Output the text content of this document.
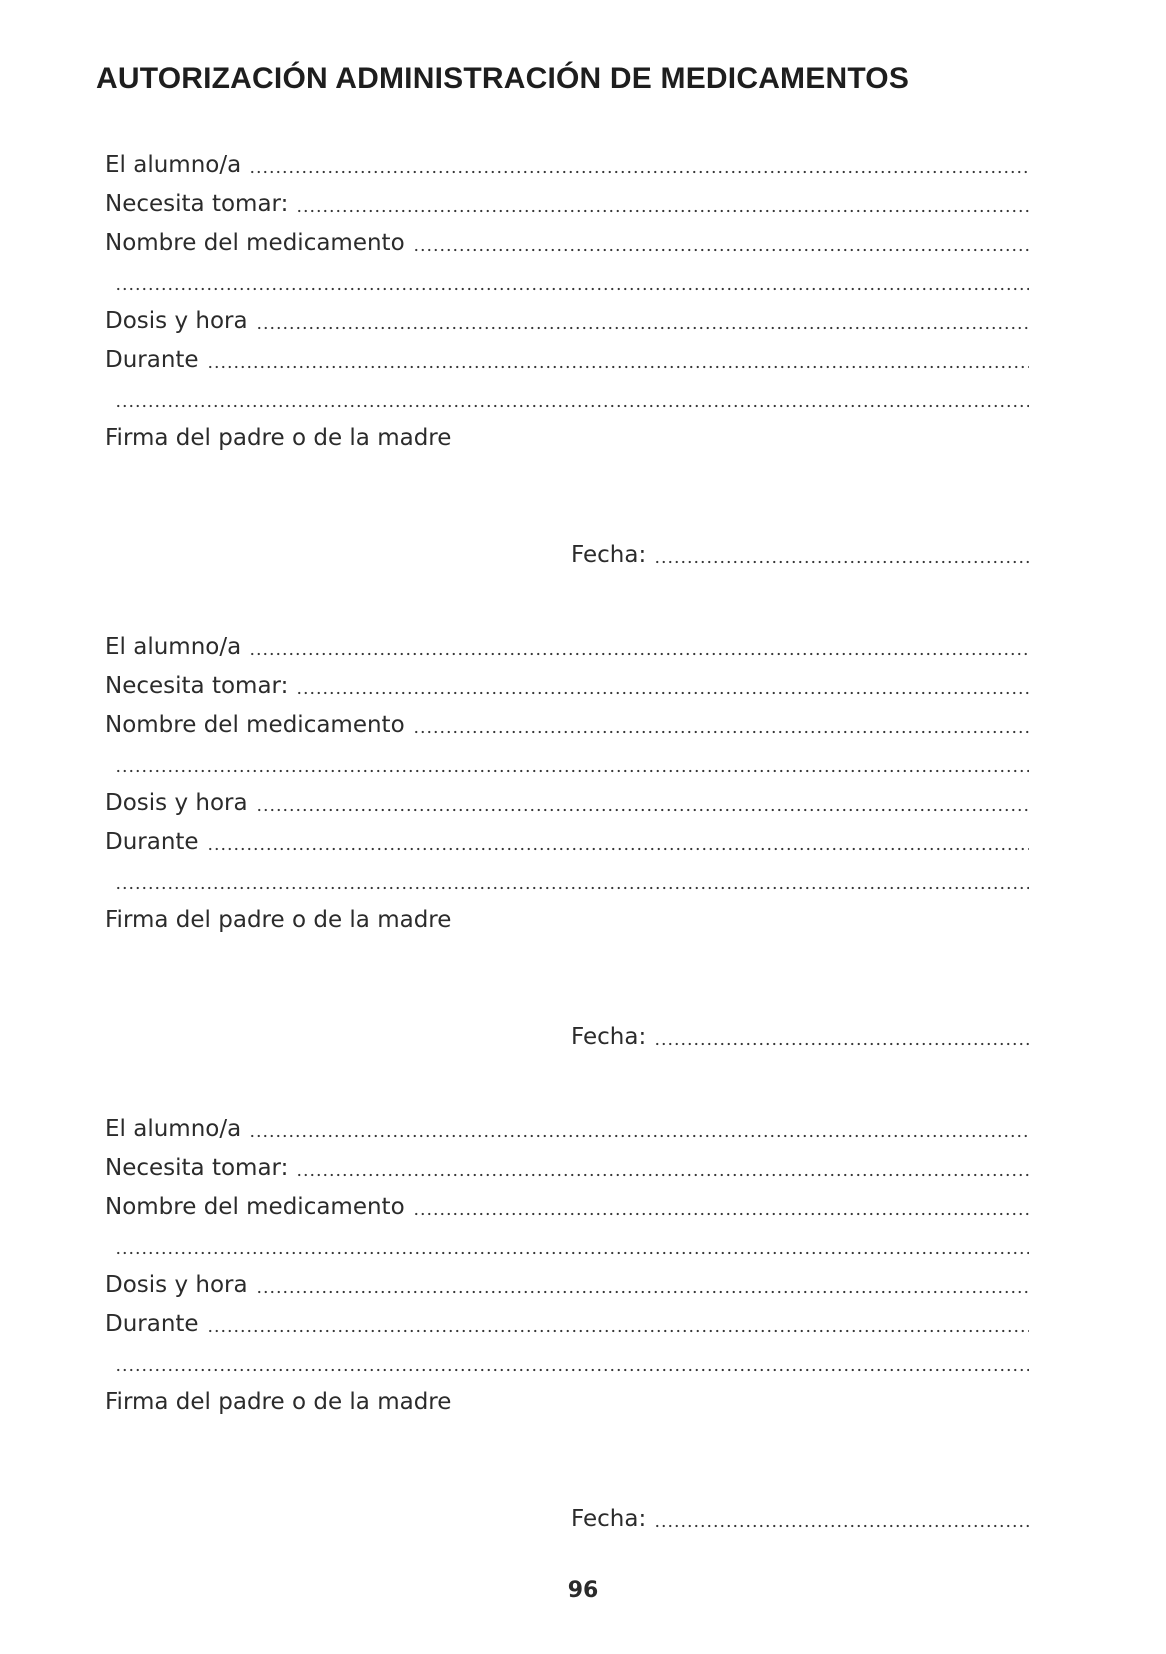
AUTORIZACIÓN ADMINISTRACIÓN DE MEDICAMENTOS
El alumno/a
Necesita tomar:
Nombre del medicamento
Dosis y hora
Durante
Firma del padre o de la madre
Fecha:
El alumno/a
Necesita tomar:
Nombre del medicamento
Dosis y hora
Durante
Firma del padre o de la madre
Fecha:
El alumno/a
Necesita tomar:
Nombre del medicamento
Dosis y hora
Durante
Firma del padre o de la madre
Fecha:
96
